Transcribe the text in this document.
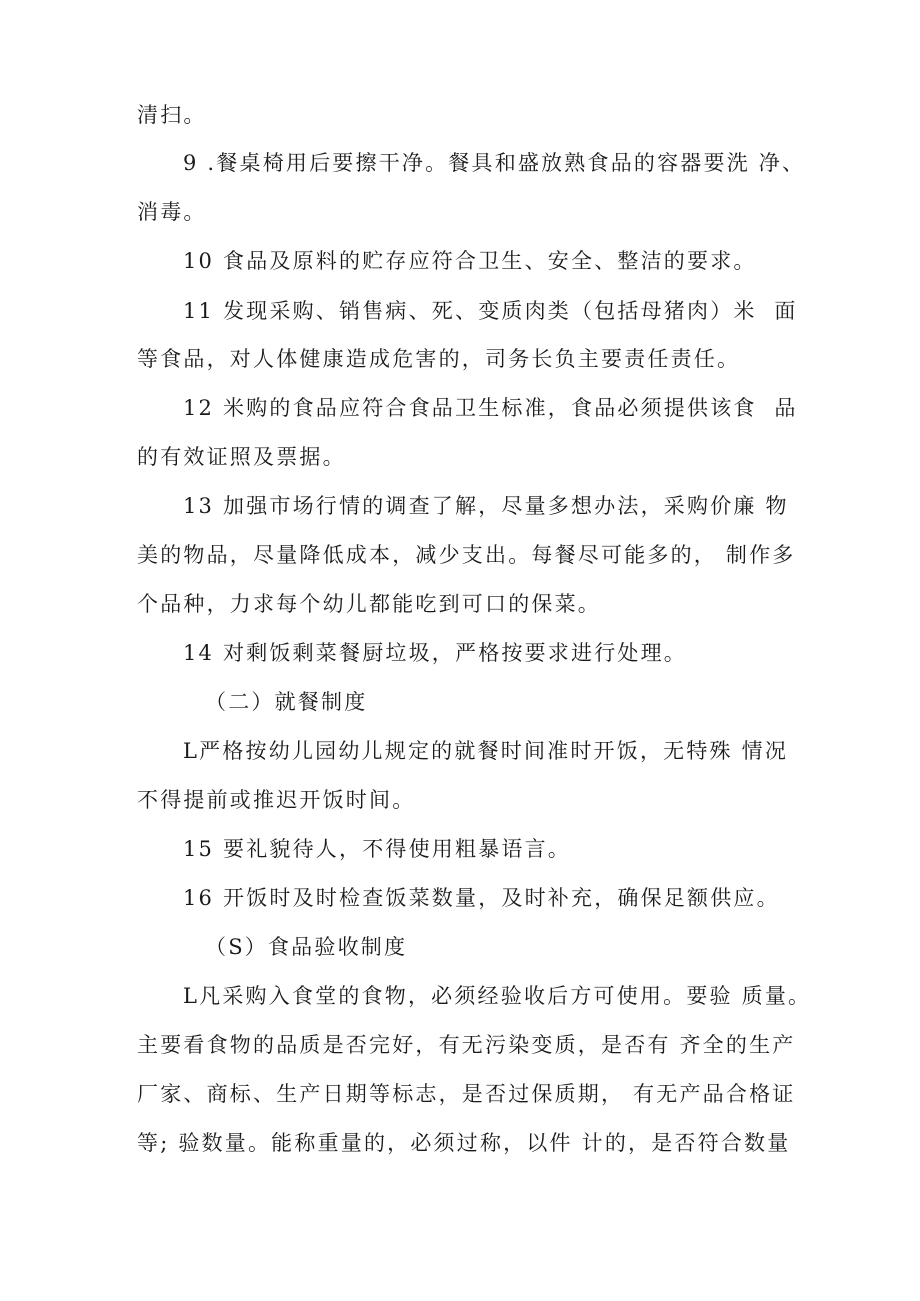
清扫。
9 .餐桌椅用后要擦干净。餐具和盛放熟食品的容器要洗 净、
消毒。
10 食品及原料的贮存应符合卫生、安全、整洁的要求。
11 发现采购、销售病、死、变质肉类（包括母猪肉）米  面
等食品，对人体健康造成危害的，司务长负主要责任责任。
12 米购的食品应符合食品卫生标准，食品必须提供该食  品
的有效证照及票据。
13 加强市场行情的调查了解，尽量多想办法，采购价廉 物
美的物品，尽量降低成本，减少支出。每餐尽可能多的， 制作多
个品种，力求每个幼儿都能吃到可口的保菜。
14 对剩饭剩菜餐厨垃圾，严格按要求进行处理。
（二）就餐制度
L严格按幼儿园幼儿规定的就餐时间准时开饭，无特殊 情况
不得提前或推迟开饭时间。
15 要礼貌待人，不得使用粗暴语言。
16 开饭时及时检查饭菜数量，及时补充，确保足额供应。
（S）食品验收制度
L凡采购入食堂的食物，必须经验收后方可使用。要验 质量。
主要看食物的品质是否完好，有无污染变质，是否有 齐全的生产
厂家、商标、生产日期等标志，是否过保质期， 有无产品合格证
等; 验数量。能称重量的，必须过称，以件 计的，是否符合数量
